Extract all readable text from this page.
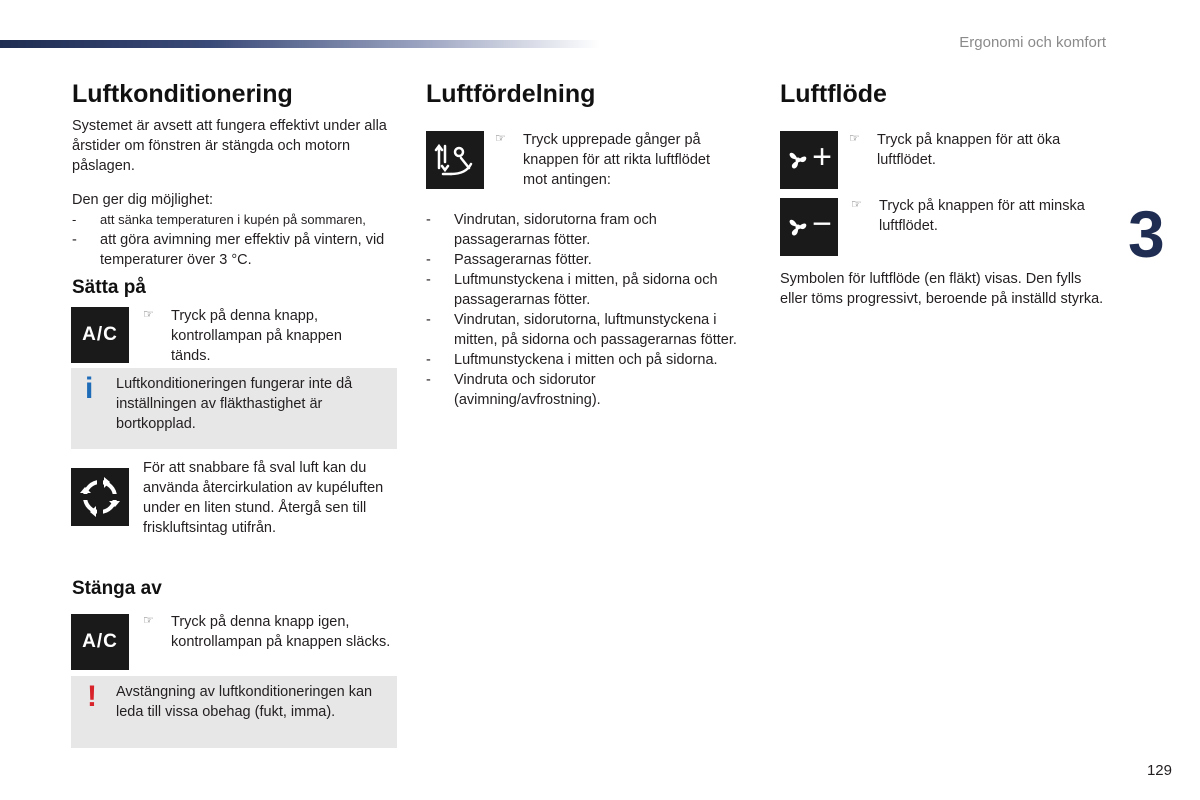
Ergonomi och komfort
3
129
Luftkonditionering
Systemet är avsett att fungera effektivt under alla årstider om fönstren är stängda och motorn påslagen.
Den ger dig möjlighet:
- att sänka temperaturen i kupén på sommaren,
- att göra avimning mer effektiv på vintern, vid temperaturer över 3 °C.
Sätta på
A/C
☞	Tryck på denna knapp, kontrollampan på knappen tänds.
i Luftkonditioneringen fungerar inte då inställningen av fläkthastighet är bortkopplad.
För att snabbare få sval luft kan du använda återcirkulation av kupéluften under en liten stund. Återgå sen till friskluftsintag utifrån.
Stänga av
A/C
☞	Tryck på denna knapp igen, kontrollampan på knappen släcks.
! Avstängning av luftkonditioneringen kan leda till vissa obehag (fukt, imma).
Luftfördelning
☞	Tryck upprepade gånger på knappen för att rikta luftflödet mot antingen:
- Vindrutan, sidorutorna fram och passagerarnas fötter.
- Passagerarnas fötter.
- Luftmunstyckena i mitten, på sidorna och passagerarnas fötter.
- Vindrutan, sidorutorna, luftmunstyckena i mitten, på sidorna och passagerarnas fötter.
- Luftmunstyckena i mitten och på sidorna.
- Vindruta och sidorutor (avimning/avfrostning).
Luftflöde
+ ☞	Tryck på knappen för att öka luftflödet.
−
☞	Tryck på knappen för att minska luftflödet.
Symbolen för luftflöde (en fläkt) visas. Den fylls eller töms progressivt, beroende på inställd styrka.
